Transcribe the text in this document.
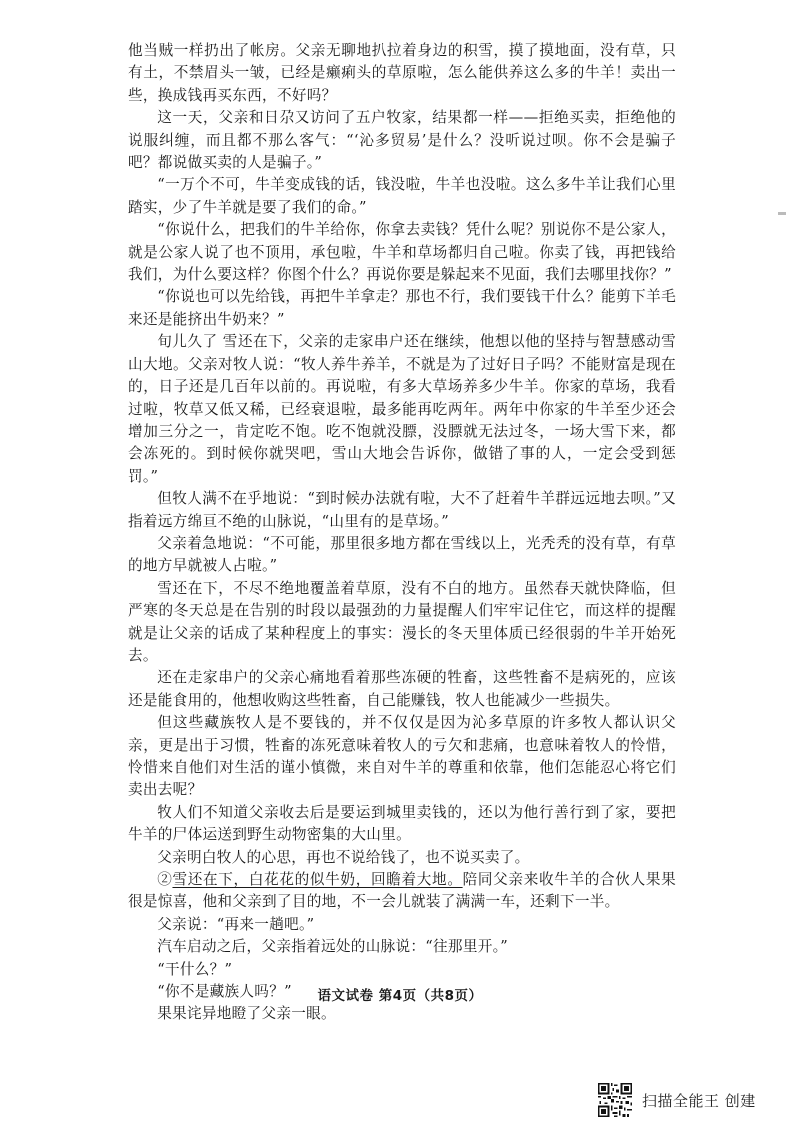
他当贼一样扔出了帐房。父亲无聊地扒拉着身边的积雪，摸了摸地面，没有草，只有土，不禁眉头一皱，已经是癞痢头的草原啦，怎么能供养这么多的牛羊！卖出一些，换成钱再买东西，不好吗？

这一天，父亲和日尕又访问了五户牧家，结果都一样——拒绝买卖，拒绝他的说服纠缠，而且都不那么客气：“‘沁多贸易’是什么？没听说过呗。你不会是骗子吧？都说做买卖的人是骗子。”

“一万个不可，牛羊变成钱的话，钱没啦，牛羊也没啦。这么多牛羊让我们心里踏实，少了牛羊就是要了我们的命。”

“你说什么，把我们的牛羊给你，你拿去卖钱？凭什么呢？别说你不是公家人，就是公家人说了也不顶用，承包啦，牛羊和草场都归自己啦。你卖了钱，再把钱给我们，为什么要这样？你图个什么？再说你要是躲起来不见面，我们去哪里找你？”

“你说也可以先给钱，再把牛羊拿走？那也不行，我们要钱干什么？能剪下羊毛来还是能挤出牛奶来？”

旬儿久了 雪还在下，父亲的走家串户还在继续，他想以他的坚持与智慧感动雪山大地。父亲对牧人说：“牧人养牛养羊，不就是为了过好日子吗？不能财富是现在的，日子还是几百年以前的。再说啦，有多大草场养多少牛羊。你家的草场，我看过啦，牧草又低又稀，已经衰退啦，最多能再吃两年。两年中你家的牛羊至少还会增加三分之一，肯定吃不饱。吃不饱就没膘，没膘就无法过冬，一场大雪下来，都会冻死的。到时候你就哭吧，雪山大地会告诉你，做错了事的人，一定会受到惩罚。”

但牧人满不在乎地说：“到时候办法就有啦，大不了赶着牛羊群远远地去呗。”又指着远方绵亘不绝的山脉说，“山里有的是草场。”

父亲着急地说：“不可能，那里很多地方都在雪线以上，光秃秃的没有草，有草的地方早就被人占啦。”

雪还在下，不尽不绝地覆盖着草原，没有不白的地方。虽然春天就快降临，但严寒的冬天总是在告别的时段以最强劲的力量提醒人们牢牢记住它，而这样的提醒就是让父亲的话成了某种程度上的事实：漫长的冬天里体质已经很弱的牛羊开始死去。

还在走家串户的父亲心痛地看着那些冻硬的牲畜，这些牲畜不是病死的，应该还是能食用的，他想收购这些牲畜，自己能赚钱，牧人也能减少一些损失。

但这些藏族牧人是不要钱的，并不仅仅是因为沁多草原的许多牧人都认识父亲，更是出于习惯，牲畜的冻死意味着牧人的亏欠和悲痛，也意味着牧人的怜惜，怜惜来自他们对生活的谨小慎微，来自对牛羊的尊重和依靠，他们怎能忍心将它们卖出去呢？

牧人们不知道父亲收去后是要运到城里卖钱的，还以为他行善行到了家，要把牛羊的尸体运送到野生动物密集的大山里。

父亲明白牧人的心思，再也不说给钱了，也不说买卖了。

②雪还在下，白花花的似牛奶，回瞻着大地。陪同父亲来收牛羊的合伙人果果很是惊喜，他和父亲到了目的地，不一会儿就装了满满一车，还剩下一半。

父亲说：“再来一趟吧。”

汽车启动之后，父亲指着远处的山脉说：“往那里开。”

“干什么？”

“你不是藏族人吗？”

果果诧异地瞪了父亲一眼。

语文试卷 第4页（共8页）
扫描全能王 创建
